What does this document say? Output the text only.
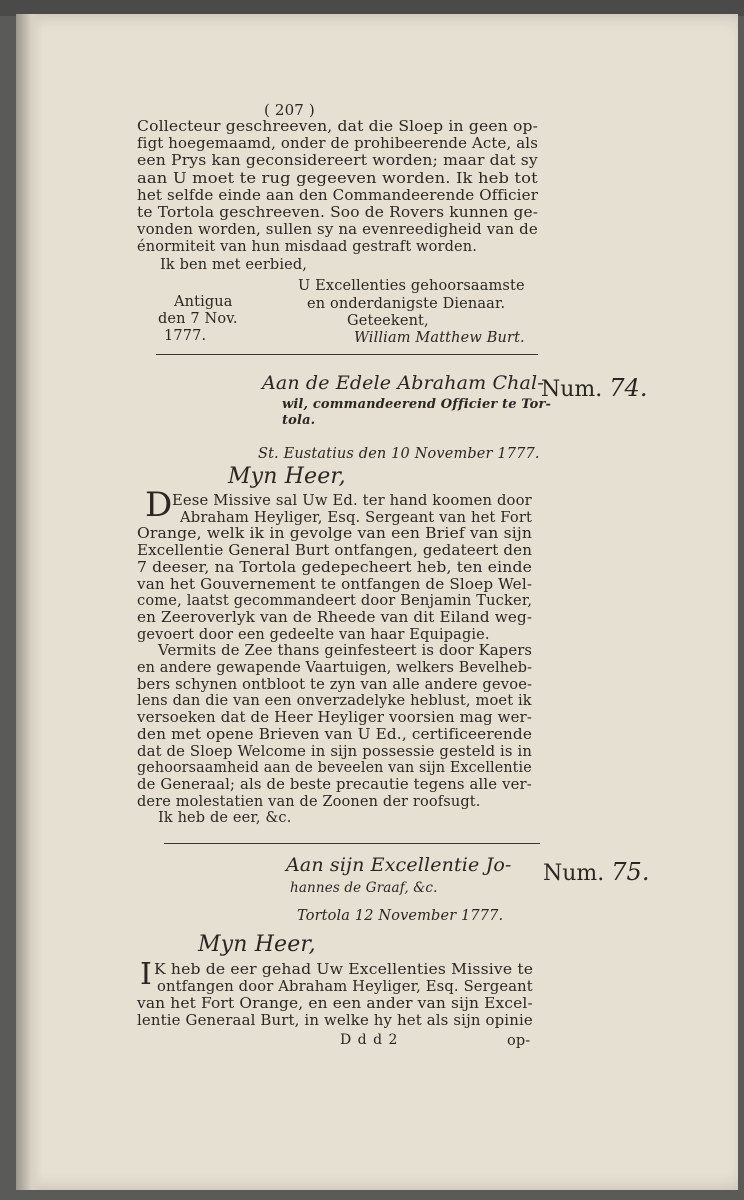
( 207 )
Collecteur geschreeven, dat die Sloep in geen op-
figt hoegemaamd, onder de prohibeerende Acte, als
een Prys kan geconsidereert worden; maar dat sy
aan U moet te rug gegeeven worden. Ik heb tot
het selfde einde aan den Commandeerende Officier
te Tortola geschreeven. Soo de Rovers kunnen ge-
vonden worden, sullen sy na evenreedigheid van de
énormiteit van hun misdaad gestraft worden.
Ik ben met eerbied,
U Excellenties gehoorsaamste
Antigua	en onderdanigste Dienaar.
den 7 Nov.	Geteekent,
1777.	William Matthew Burt.
Aan de Edele Abraham Chal-
wil, commandeerend Officier te Tor-
tola.
Num. 74.
St. Eustatius den 10 November 1777.
Myn Heer,
D Eese Missive sal Uw Ed. ter hand koomen door
Abraham Heyliger, Esq. Sergeant van het Fort
Orange, welk ik in gevolge van een Brief van sijn
Excellentie General Burt ontfangen, gedateert den
7 deeser, na Tortola gedepecheert heb, ten einde
van het Gouvernement te ontfangen de Sloep Wel-
come, laatst gecommandeert door Benjamin Tucker,
en Zeeroverlyk van de Rheede van dit Eiland weg-
gevoert door een gedeelte van haar Equipagie.
Vermits de Zee thans geinfesteert is door Kapers
en andere gewapende Vaartuigen, welkers Bevelheb-
bers schynen ontbloot te zyn van alle andere gevoe-
lens dan die van een onverzadelyke heblust, moet ik
versoeken dat de Heer Heyliger voorsien mag wer-
den met opene Brieven van U Ed., certificeerende
dat de Sloep Welcome in sijn possessie gesteld is in
gehoorsaamheid aan de beveelen van sijn Excellentie
de Generaal; als de beste precautie tegens alle ver-
dere molestatien van de Zoonen der roofsugt.
Ik heb de eer, &c.
Aan sijn Excellentie Jo-
hannes de Graaf, &c.
Num. 75.
Tortola 12 November 1777.
Myn Heer,
I K heb de eer gehad Uw Excellenties Missive te
ontfangen door Abraham Heyliger, Esq. Sergeant
van het Fort Orange, en een ander van sijn Excel-
lentie Generaal Burt, in welke hy het als sijn opinie
D d d 2	op-
